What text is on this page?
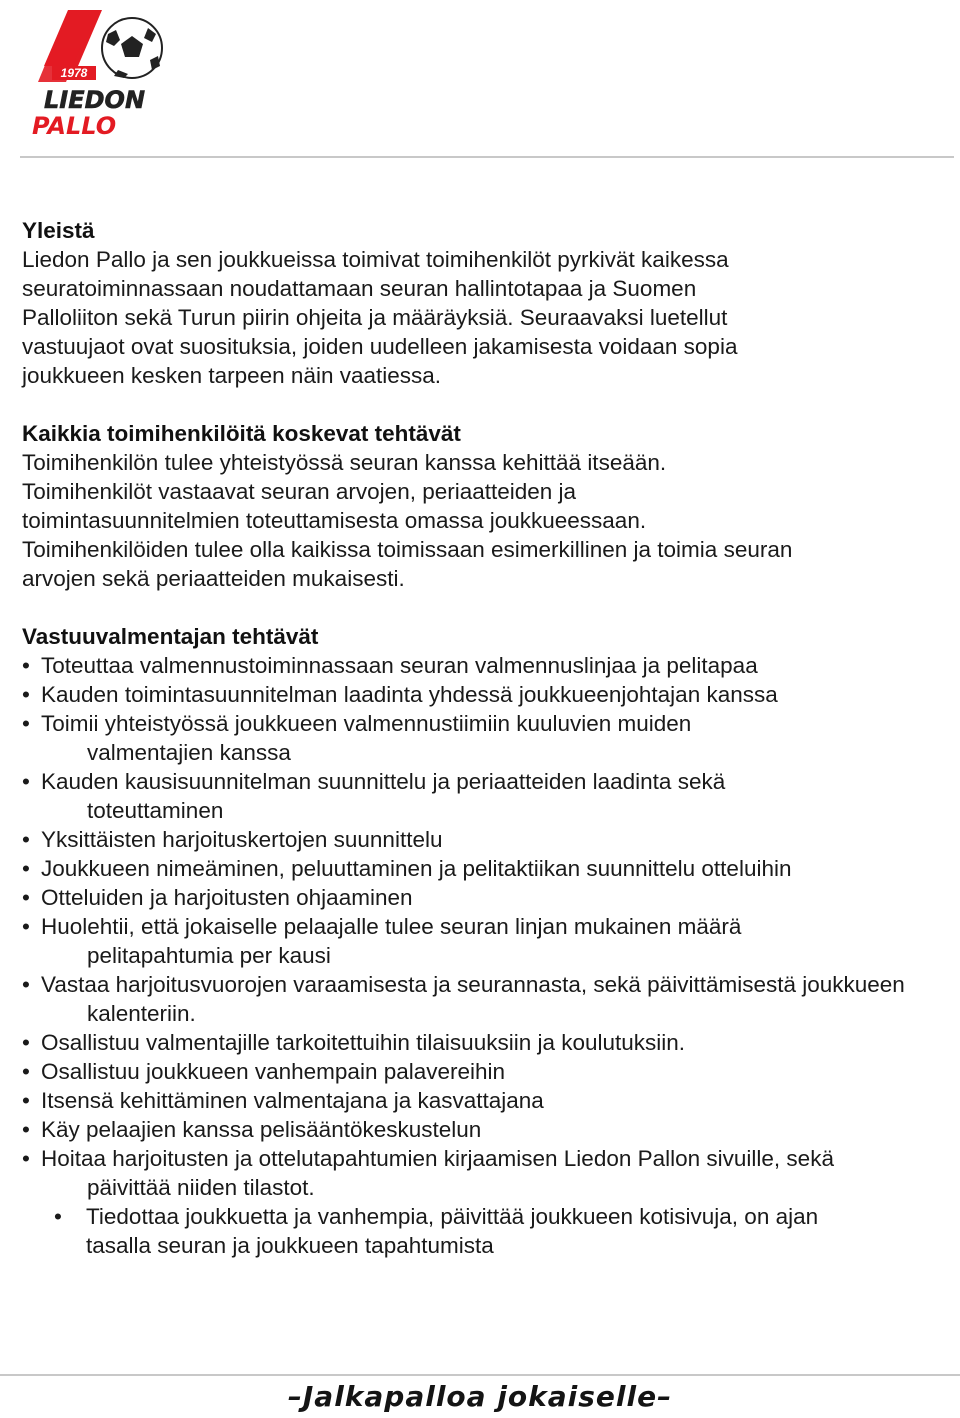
1978
LIEDON
PALLO

Yleistä

Liedon Pallo ja sen joukkueissa toimivat toimihenkilöt pyrkivät kaikessa

seuratoiminnassaan noudattamaan seuran hallintotapaa ja Suomen

Palloliiton sekä Turun piirin ohjeita ja määräyksiä. Seuraavaksi luetellut

vastuujaot ovat suosituksia, joiden uudelleen jakamisesta voidaan sopia

joukkueen kesken tarpeen näin vaatiessa.

Kaikkia toimihenkilöitä koskevat tehtävät

Toimihenkilön tulee yhteistyössä seuran kanssa kehittää itseään.

Toimihenkilöt vastaavat seuran arvojen, periaatteiden ja

toimintasuunnitelmien toteuttamisesta omassa joukkueessaan.

Toimihenkilöiden tulee olla kaikissa toimissaan esimerkillinen ja toimia seuran

arvojen sekä periaatteiden mukaisesti.

Vastuuvalmentajan tehtävät

• Toteuttaa valmennustoiminnassaan seuran valmennuslinjaa ja pelitapaa
• Kauden toimintasuunnitelman laadinta yhdessä joukkueenjohtajan kanssa
• Toimii yhteistyössä joukkueen valmennustiimiin kuuluvien muiden valmentajien kanssa
• Kauden kausisuunnitelman suunnittelu ja periaatteiden laadinta sekä toteuttaminen
• Yksittäisten harjoituskertojen suunnittelu
• Joukkueen nimeäminen, peluuttaminen ja pelitaktiikan suunnittelu otteluihin
• Otteluiden ja harjoitusten ohjaaminen
• Huolehtii, että jokaiselle pelaajalle tulee seuran linjan mukainen määrä pelitapahtumia per kausi
• Vastaa harjoitusvuorojen varaamisesta ja seurannasta, sekä päivittämisestä joukkueen kalenteriin.
• Osallistuu valmentajille tarkoitettuihin tilaisuuksiin ja koulutuksiin.
• Osallistuu joukkueen vanhempain palavereihin
• Itsensä kehittäminen valmentajana ja kasvattajana
• Käy pelaajien kanssa pelisääntökeskustelun
• Hoitaa harjoitusten ja ottelutapahtumien kirjaamisen Liedon Pallon sivuille, sekä päivittää niiden tilastot.
• Tiedottaa joukkuetta ja vanhempia, päivittää joukkueen kotisivuja, on ajan tasalla seuran ja joukkueen tapahtumista
–Jalkapalloa jokaiselle–
